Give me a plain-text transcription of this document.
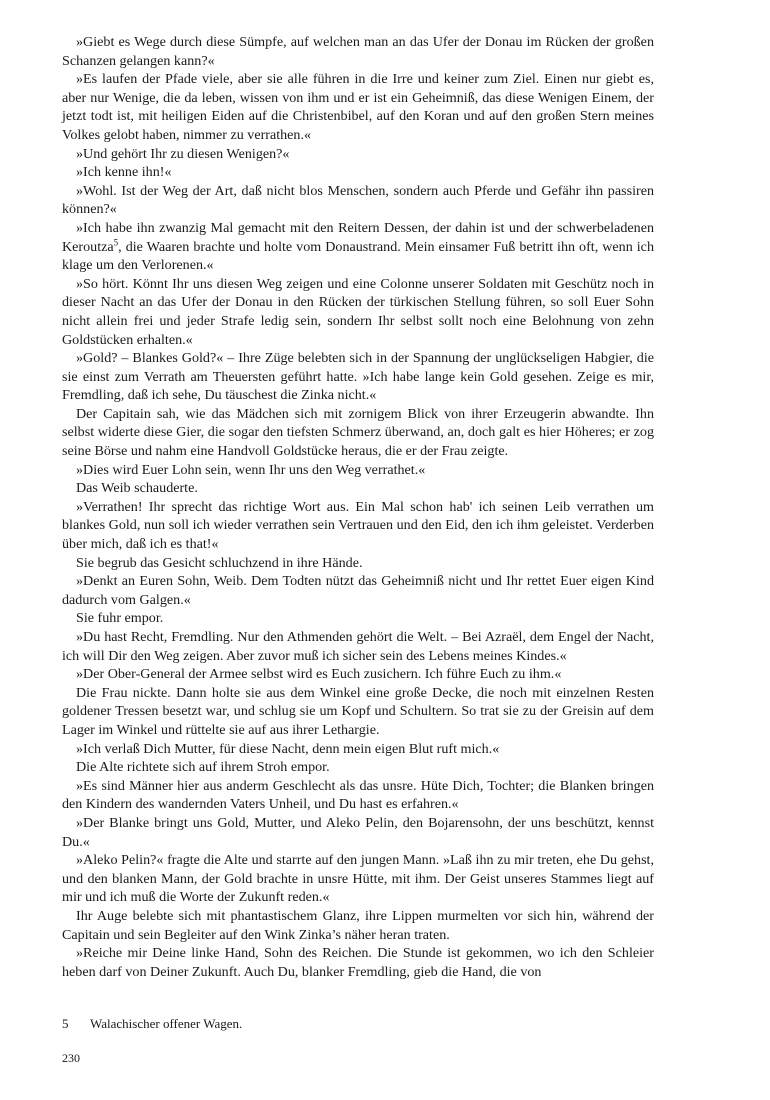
»Giebt es Wege durch diese Sümpfe, auf welchen man an das Ufer der Donau im Rücken der großen Schanzen gelangen kann?«

»Es laufen der Pfade viele, aber sie alle führen in die Irre und keiner zum Ziel. Einen nur giebt es, aber nur Wenige, die da leben, wissen von ihm und er ist ein Geheimniß, das diese Wenigen Einem, der jetzt todt ist, mit heiligen Eiden auf die Christenbibel, auf den Koran und auf den großen Stern meines Volkes gelobt haben, nimmer zu verrathen.«

»Und gehört Ihr zu diesen Wenigen?«

»Ich kenne ihn!«

»Wohl. Ist der Weg der Art, daß nicht blos Menschen, sondern auch Pferde und Gefähr ihn passiren können?«

»Ich habe ihn zwanzig Mal gemacht mit den Reitern Dessen, der dahin ist und der schwerbeladenen Keroutza$^5$, die Waaren brachte und holte vom Donaustrand. Mein einsamer Fuß betritt ihn oft, wenn ich klage um den Verlorenen.«

»So hört. Könnt Ihr uns diesen Weg zeigen und eine Colonne unserer Soldaten mit Geschütz noch in dieser Nacht an das Ufer der Donau in den Rücken der türkischen Stellung führen, so soll Euer Sohn nicht allein frei und jeder Strafe ledig sein, sondern Ihr selbst sollt noch eine Belohnung von zehn Goldstücken erhalten.«

»Gold? – Blankes Gold?« – Ihre Züge belebten sich in der Spannung der unglückseligen Habgier, die sie einst zum Verrath am Theuersten geführt hatte. »Ich habe lange kein Gold gesehen. Zeige es mir, Fremdling, daß ich sehe, Du täuschest die Zinka nicht.«

Der Capitain sah, wie das Mädchen sich mit zornigem Blick von ihrer Erzeugerin abwandte. Ihn selbst widerte diese Gier, die sogar den tiefsten Schmerz überwand, an, doch galt es hier Höheres; er zog seine Börse und nahm eine Handvoll Goldstücke heraus, die er der Frau zeigte.

»Dies wird Euer Lohn sein, wenn Ihr uns den Weg verrathet.«

Das Weib schauderte.

»Verrathen! Ihr sprecht das richtige Wort aus. Ein Mal schon hab' ich seinen Leib verrathen um blankes Gold, nun soll ich wieder verrathen sein Vertrauen und den Eid, den ich ihm geleistet. Verderben über mich, daß ich es that!«

Sie begrub das Gesicht schluchzend in ihre Hände.

»Denkt an Euren Sohn, Weib. Dem Todten nützt das Geheimniß nicht und Ihr rettet Euer eigen Kind dadurch vom Galgen.«

Sie fuhr empor.

»Du hast Recht, Fremdling. Nur den Athmenden gehört die Welt. – Bei Azraël, dem Engel der Nacht, ich will Dir den Weg zeigen. Aber zuvor muß ich sicher sein des Lebens meines Kindes.«

»Der Ober-General der Armee selbst wird es Euch zusichern. Ich führe Euch zu ihm.«

Die Frau nickte. Dann holte sie aus dem Winkel eine große Decke, die noch mit einzelnen Resten goldener Tressen besetzt war, und schlug sie um Kopf und Schultern. So trat sie zu der Greisin auf dem Lager im Winkel und rüttelte sie auf aus ihrer Lethargie.

»Ich verlaß Dich Mutter, für diese Nacht, denn mein eigen Blut ruft mich.«

Die Alte richtete sich auf ihrem Stroh empor.

»Es sind Männer hier aus anderm Geschlecht als das unsre. Hüte Dich, Tochter; die Blanken bringen den Kindern des wandernden Vaters Unheil, und Du hast es erfahren.«

»Der Blanke bringt uns Gold, Mutter, und Aleko Pelin, den Bojarensohn, der uns beschützt, kennst Du.«

»Aleko Pelin?« fragte die Alte und starrte auf den jungen Mann. »Laß ihn zu mir treten, ehe Du gehst, und den blanken Mann, der Gold brachte in unsre Hütte, mit ihm. Der Geist unseres Stammes liegt auf mir und ich muß die Worte der Zukunft reden.«

Ihr Auge belebte sich mit phantastischem Glanz, ihre Lippen murmelten vor sich hin, während der Capitain und sein Begleiter auf den Wink Zinka’s näher heran traten.

»Reiche mir Deine linke Hand, Sohn des Reichen. Die Stunde ist gekommen, wo ich den Schleier heben darf von Deiner Zukunft. Auch Du, blanker Fremdling, gieb die Hand, die von

5 Walachischer offener Wagen.
230
